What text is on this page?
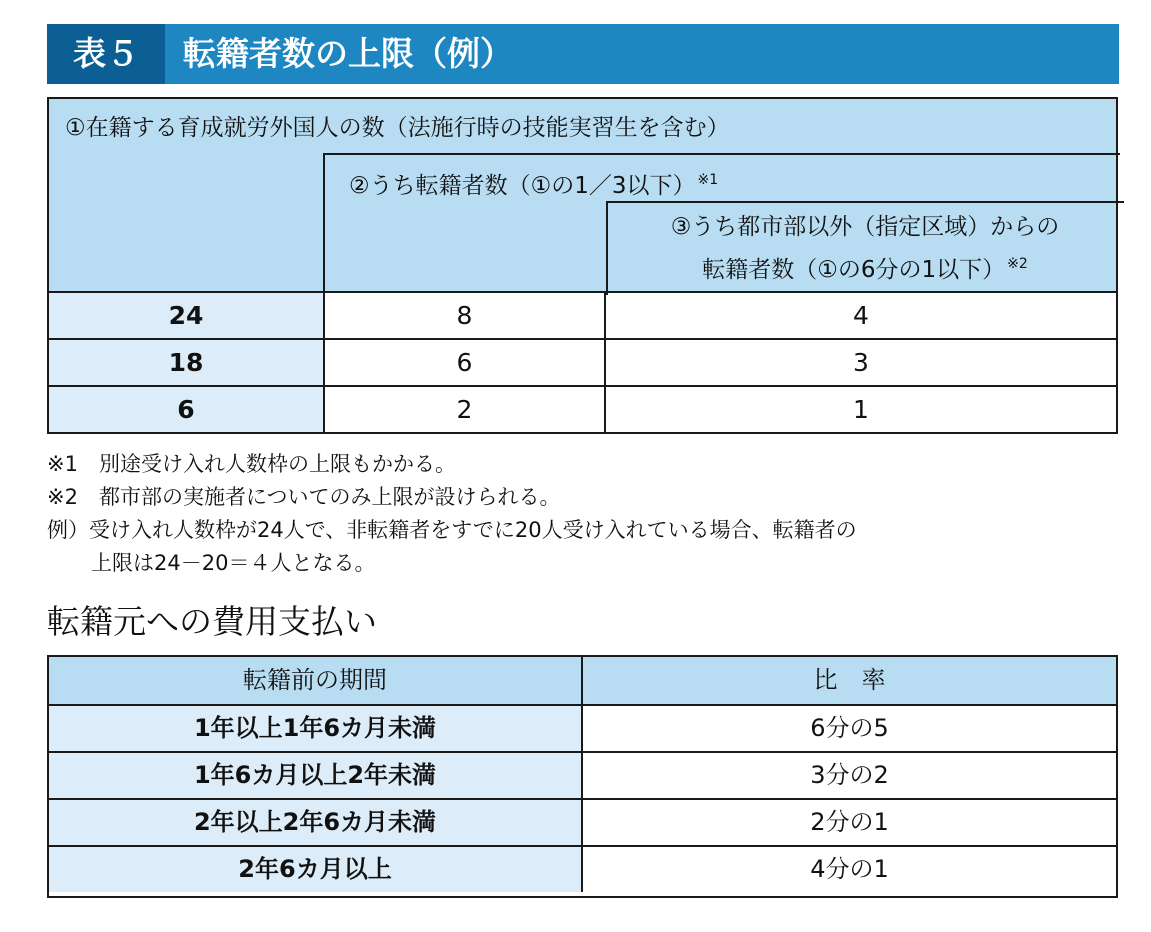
表５	転籍者数の上限（例）
①在籍する育成就労外国人の数（法施行時の技能実習生を含む）
②うち転籍者数（①の1／3以下） $^{※1}$
③うち都市部以外（指定区域）からの
転籍者数（①の6分の1以下） $^{※2}$
24	8	4
18	6	3
6	2	1
※1　別途受け入れ人数枠の上限もかかる。
※2　都市部の実施者についてのみ上限が設けられる。
例）受け入れ人数枠が24人で、非転籍者をすでに20人受け入れている場合、転籍者の
上限は24－20＝４人となる。
転籍元への費用支払い
転籍前の期間	比　率
1年以上1年6カ月未満	6分の5
1年6カ月以上2年未満	3分の2
2年以上2年6カ月未満	2分の1
2年6カ月以上	4分の1
